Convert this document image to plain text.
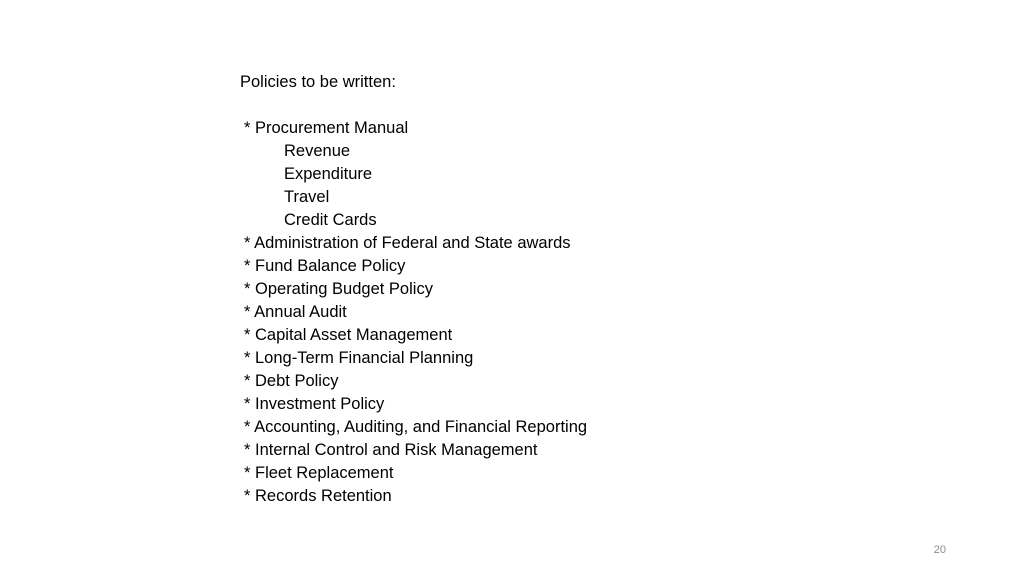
Policies to be written:
* Procurement Manual
Revenue
Expenditure
Travel
Credit Cards
* Administration of Federal and State awards
* Fund Balance Policy
* Operating Budget Policy
* Annual Audit
* Capital Asset Management
* Long-Term Financial Planning
* Debt Policy
* Investment Policy
* Accounting, Auditing, and Financial Reporting
* Internal Control and Risk Management
* Fleet Replacement
* Records Retention
20
